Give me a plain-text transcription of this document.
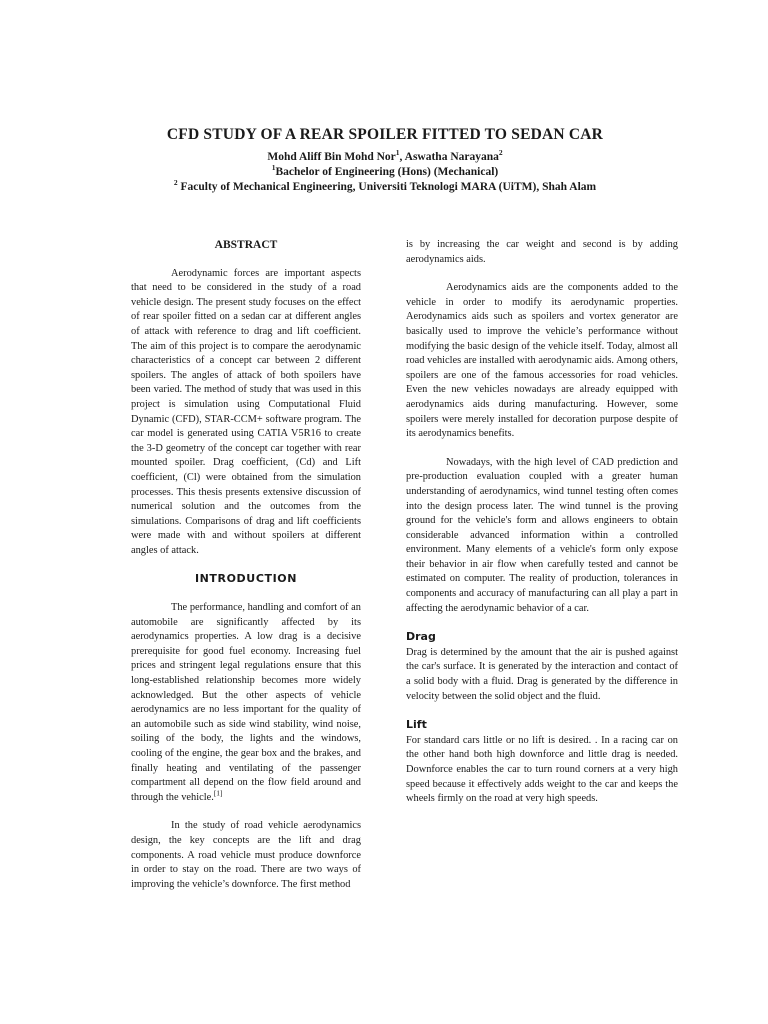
CFD STUDY OF A REAR SPOILER FITTED TO SEDAN CAR

Mohd Aliff Bin Mohd Nor$^1$, Aswatha Narayana$^2$

$^1$Bachelor of Engineering (Hons) (Mechanical)

$^2$ Faculty of Mechanical Engineering, Universiti Teknologi MARA (UiTM), Shah Alam

ABSTRACT

Aerodynamic forces are important aspects that need to be considered in the study of a road vehicle design. The present study focuses on the effect of rear spoiler fitted on a sedan car at different angles of attack with reference to drag and lift coefficient. The aim of this project is to compare the aerodynamic characteristics of a concept car between 2 different spoilers. The angles of attack of both spoilers have been varied. The method of study that was used in this project is simulation using Computational Fluid Dynamic (CFD), STAR-CCM+ software program. The car model is generated using CATIA V5R16 to create the 3-D geometry of the concept car together with rear mounted spoiler. Drag coefficient, (Cd) and Lift coefficient, (Cl) were obtained from the simulation processes. This thesis presents extensive discussion of numerical solution and the outcomes from the simulations. Comparisons of drag and lift coefficients were made with and without spoilers at different angles of attack.

INTRODUCTION

The performance, handling and comfort of an automobile are significantly affected by its aerodynamics properties. A low drag is a decisive prerequisite for good fuel economy. Increasing fuel prices and stringent legal regulations ensure that this long-established relationship becomes more widely acknowledged. But the other aspects of vehicle aerodynamics are no less important for the quality of an automobile such as side wind stability, wind noise, soiling of the body, the lights and the windows, cooling of the engine, the gear box and the brakes, and finally heating and ventilating of the passenger compartment all depend on the flow field around and through the vehicle.[1]

In the study of road vehicle aerodynamics design, the key concepts are the lift and drag components. A road vehicle must produce downforce in order to stay on the road. There are two ways of improving the vehicle’s downforce. The first method

is by increasing the car weight and second is by adding aerodynamics aids.

Aerodynamics aids are the components added to the vehicle in order to modify its aerodynamic properties. Aerodynamics aids such as spoilers and vortex generator are basically used to improve the vehicle’s performance without modifying the basic design of the vehicle itself. Today, almost all road vehicles are installed with aerodynamic aids. Among others, spoilers are one of the famous accessories for road vehicles. Even the new vehicles nowadays are already equipped with aerodynamics aids during manufacturing. However, some spoilers were merely installed for decoration purpose despite of its aerodynamics benefits.

Nowadays, with the high level of CAD prediction and pre-production evaluation coupled with a greater human understanding of aerodynamics, wind tunnel testing often comes into the design process later. The wind tunnel is the proving ground for the vehicle's form and allows engineers to obtain considerable advanced information within a controlled environment. Many elements of a vehicle's form only expose their behavior in air flow when carefully tested and cannot be estimated on computer. The reality of production, tolerances in components and accuracy of manufacturing can all play a part in affecting the aerodynamic behavior of a car.

Drag

Drag is determined by the amount that the air is pushed against the car's surface. It is generated by the interaction and contact of a solid body with a fluid. Drag is generated by the difference in velocity between the solid object and the fluid.

Lift

For standard cars little or no lift is desired. . In a racing car on the other hand both high downforce and little drag is needed. Downforce enables the car to turn round corners at a very high speed because it effectively adds weight to the car and keeps the wheels firmly on the road at very high speeds.
